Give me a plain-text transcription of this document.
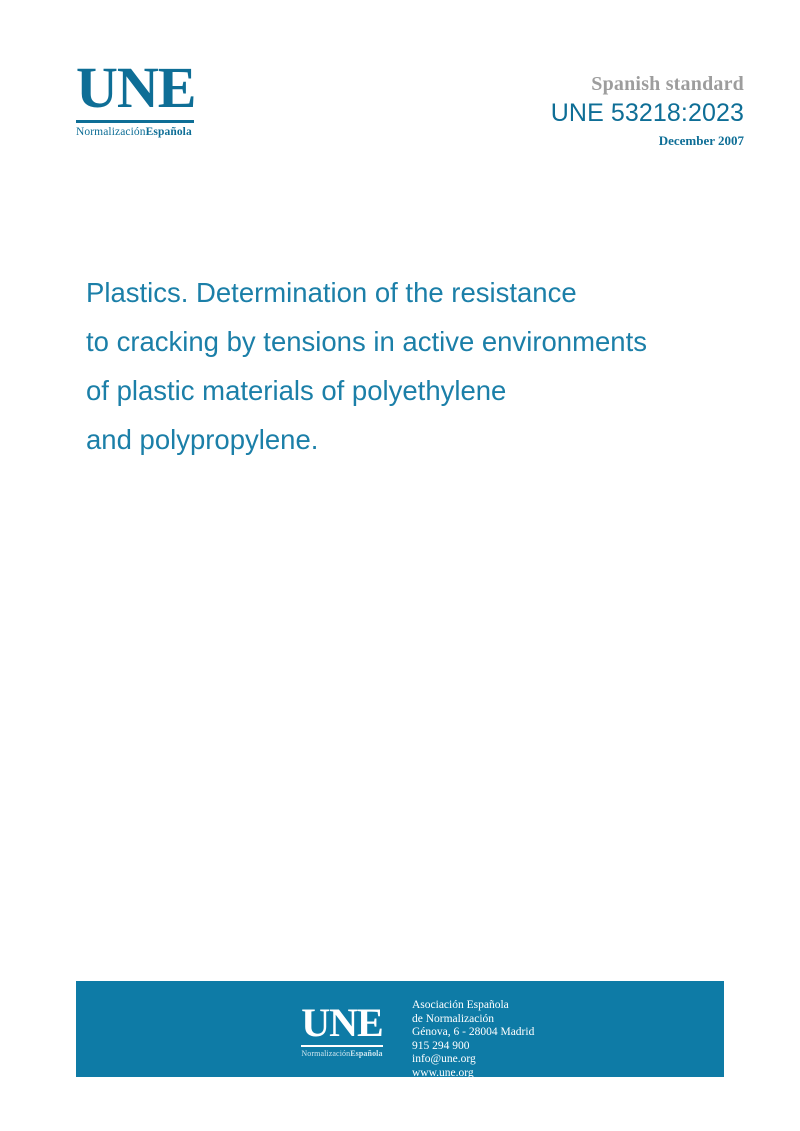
UNE
NormalizaciónEspañola
Spanish standard
UNE 53218:2023
December 2007
Plastics. Determination of the resistance
to cracking by tensions in active environments
of plastic materials of polyethylene
and polypropylene.
UNE
NormalizaciónEspañola
Asociación Española
de Normalización
Génova, 6 - 28004 Madrid
915 294 900
info@une.org
www.une.org
